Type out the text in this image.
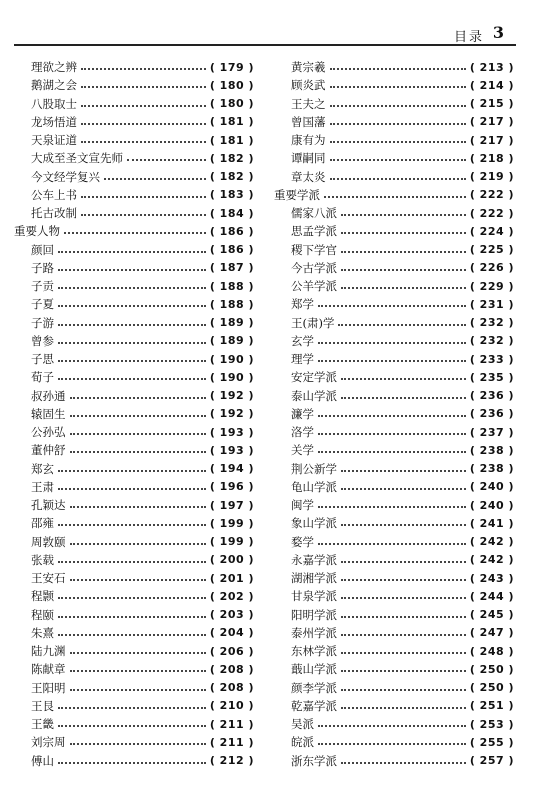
目录 3
理欲之辨	( 179 )
鹅湖之会	( 180 )
八股取士	( 180 )
龙场悟道	( 181 )
天泉证道	( 181 )
大成至圣文宣先师	( 182 )
今文经学复兴	( 182 )
公车上书	( 183 )
托古改制	( 184 )
重要人物	( 186 )
颜回	( 186 )
子路	( 187 )
子贡	( 188 )
子夏	( 188 )
子游	( 189 )
曾参	( 189 )
子思	( 190 )
荀子	( 190 )
叔孙通	( 192 )
辕固生	( 192 )
公孙弘	( 193 )
董仲舒	( 193 )
郑玄	( 194 )
王肃	( 196 )
孔颖达	( 197 )
邵雍	( 199 )
周敦颐	( 199 )
张载	( 200 )
王安石	( 201 )
程颢	( 202 )
程颐	( 203 )
朱熹	( 204 )
陆九渊	( 206 )
陈献章	( 208 )
王阳明	( 208 )
王艮	( 210 )
王畿	( 211 )
刘宗周	( 211 )
傅山	( 212 )
黄宗羲	( 213 )
顾炎武	( 214 )
王夫之	( 215 )
曾国藩	( 217 )
康有为	( 217 )
谭嗣同	( 218 )
章太炎	( 219 )
重要学派	( 222 )
儒家八派	( 222 )
思孟学派	( 224 )
稷下学官	( 225 )
今古学派	( 226 )
公羊学派	( 229 )
郑学	( 231 )
王(肃)学	( 232 )
玄学	( 232 )
理学	( 233 )
安定学派	( 235 )
泰山学派	( 236 )
濂学	( 236 )
洛学	( 237 )
关学	( 238 )
荆公新学	( 238 )
龟山学派	( 240 )
闽学	( 240 )
象山学派	( 241 )
婺学	( 242 )
永嘉学派	( 242 )
湖湘学派	( 243 )
甘泉学派	( 244 )
阳明学派	( 245 )
泰州学派	( 247 )
东林学派	( 248 )
蕺山学派	( 250 )
颜李学派	( 250 )
乾嘉学派	( 251 )
吴派	( 253 )
皖派	( 255 )
浙东学派	( 257 )
